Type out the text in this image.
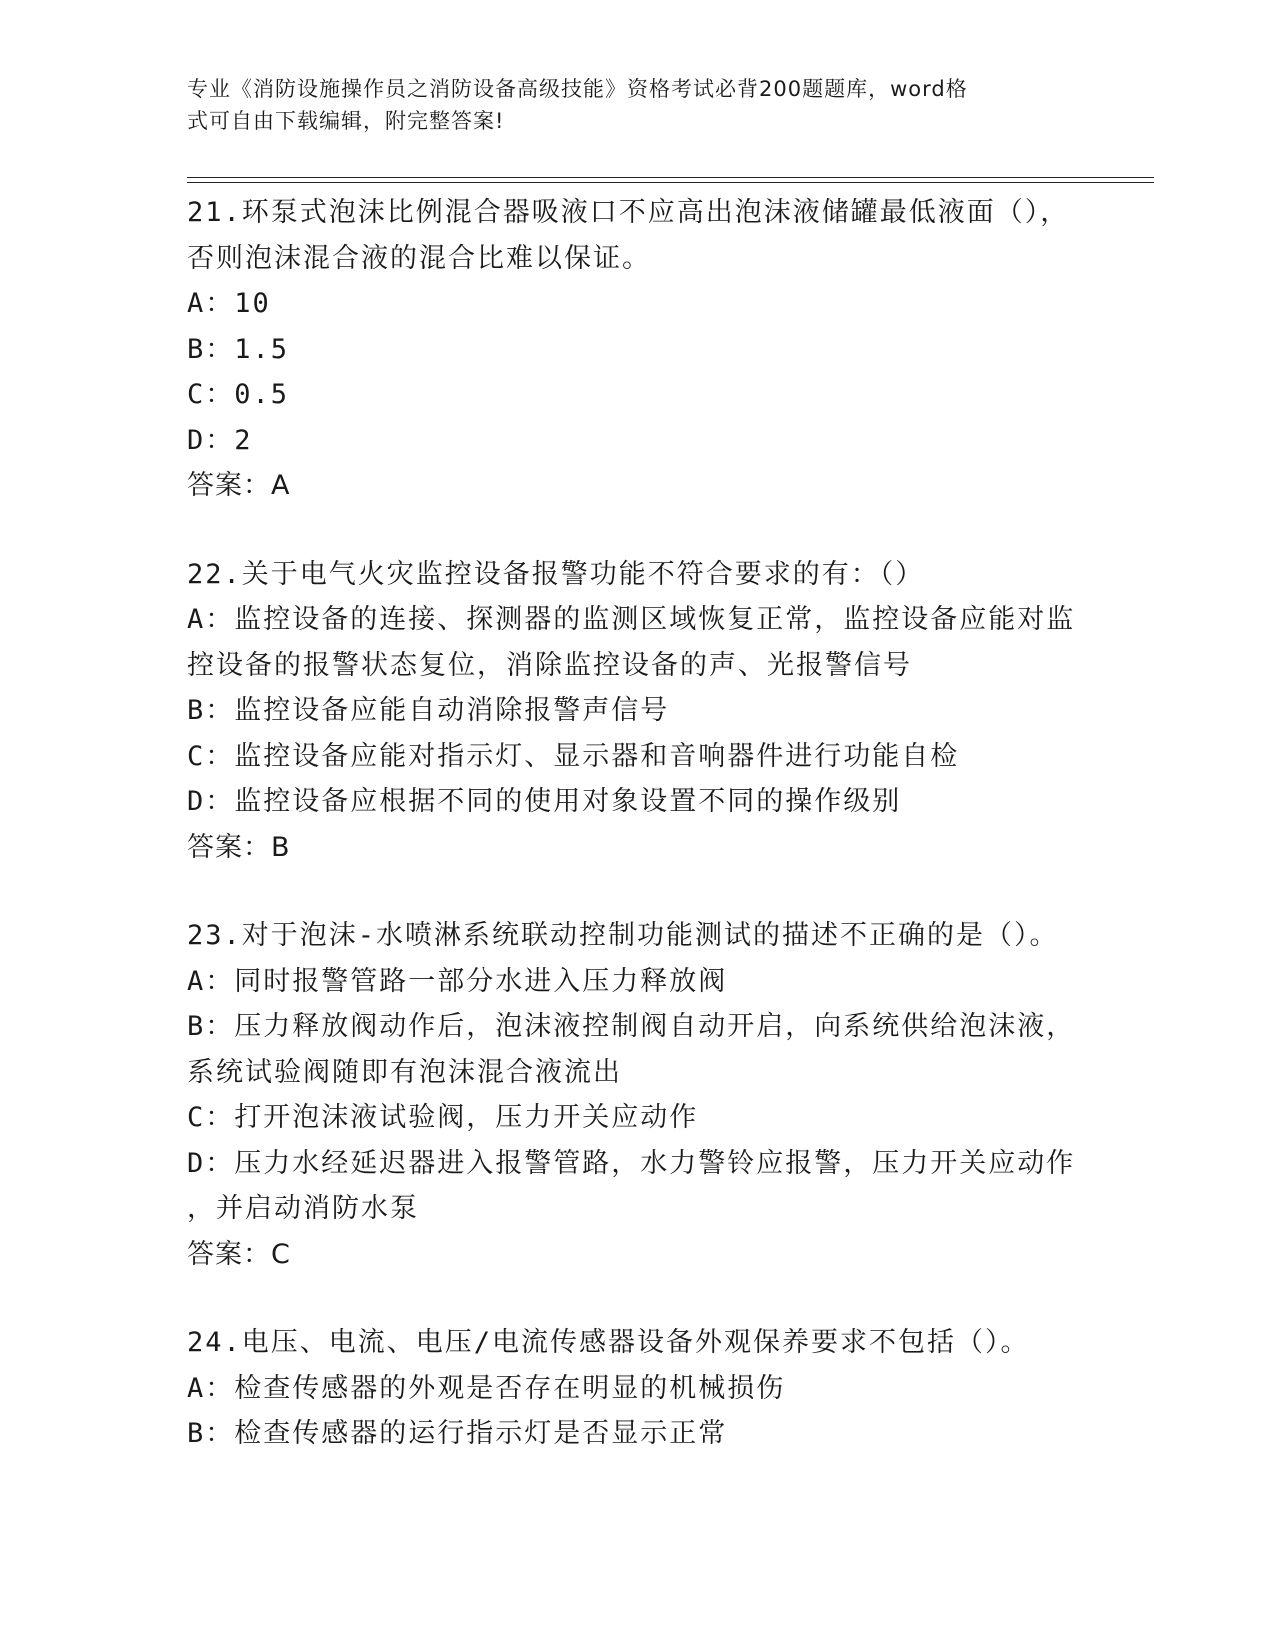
专业《消防设施操作员之消防设备高级技能》资格考试必背200题题库，word格
式可自由下载编辑，附完整答案!
21.环泵式泡沫比例混合器吸液口不应高出泡沫液储罐最低液面（），
否则泡沫混合液的混合比难以保证。
A：10
B：1.5
C：0.5
D：2
答案：A
22.关于电气火灾监控设备报警功能不符合要求的有：（）
A：监控设备的连接、探测器的监测区域恢复正常，监控设备应能对监
控设备的报警状态复位，消除监控设备的声、光报警信号
B：监控设备应能自动消除报警声信号
C：监控设备应能对指示灯、显示器和音响器件进行功能自检
D：监控设备应根据不同的使用对象设置不同的操作级别
答案：B
23.对于泡沫-水喷淋系统联动控制功能测试的描述不正确的是（）。
A：同时报警管路一部分水进入压力释放阀
B：压力释放阀动作后，泡沫液控制阀自动开启，向系统供给泡沫液，
系统试验阀随即有泡沫混合液流出
C：打开泡沫液试验阀，压力开关应动作
D：压力水经延迟器进入报警管路，水力警铃应报警，压力开关应动作
，并启动消防水泵
答案：C
24.电压、电流、电压/电流传感器设备外观保养要求不包括（）。
A：检查传感器的外观是否存在明显的机械损伤
B：检查传感器的运行指示灯是否显示正常
